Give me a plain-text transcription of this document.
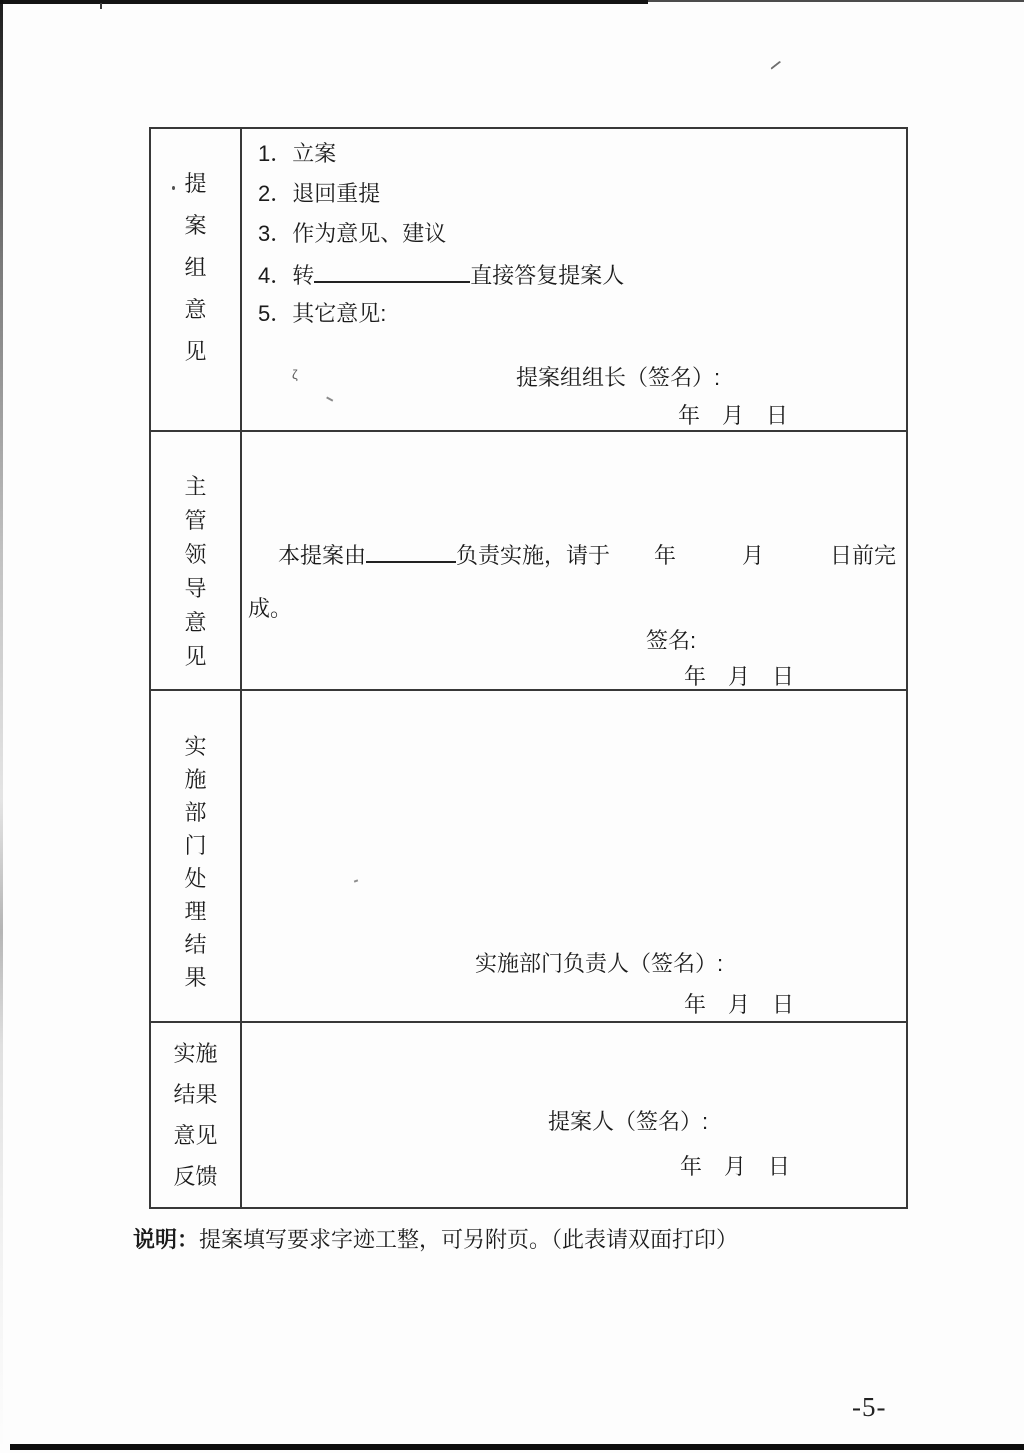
ζ
提
案
组
意
见
1．立案
2．退回重提
3．作为意见、建议
4．转	直接答复提案人
5．其它意见:
提案组组长（签名）:
年　月　日
主
管
领
导
意
见
本提案由	负责实施，请于　　年　　　月　　　日前完
成。
签名:
年　月　日
实
施
部
门
处
理
结
果
实施部门负责人（签名）:
年　月　日
实施
结果
意见
反馈
提案人（签名）:
年　月　日
说明：提案填写要求字迹工整，可另附页。（此表请双面打印）
-5-
